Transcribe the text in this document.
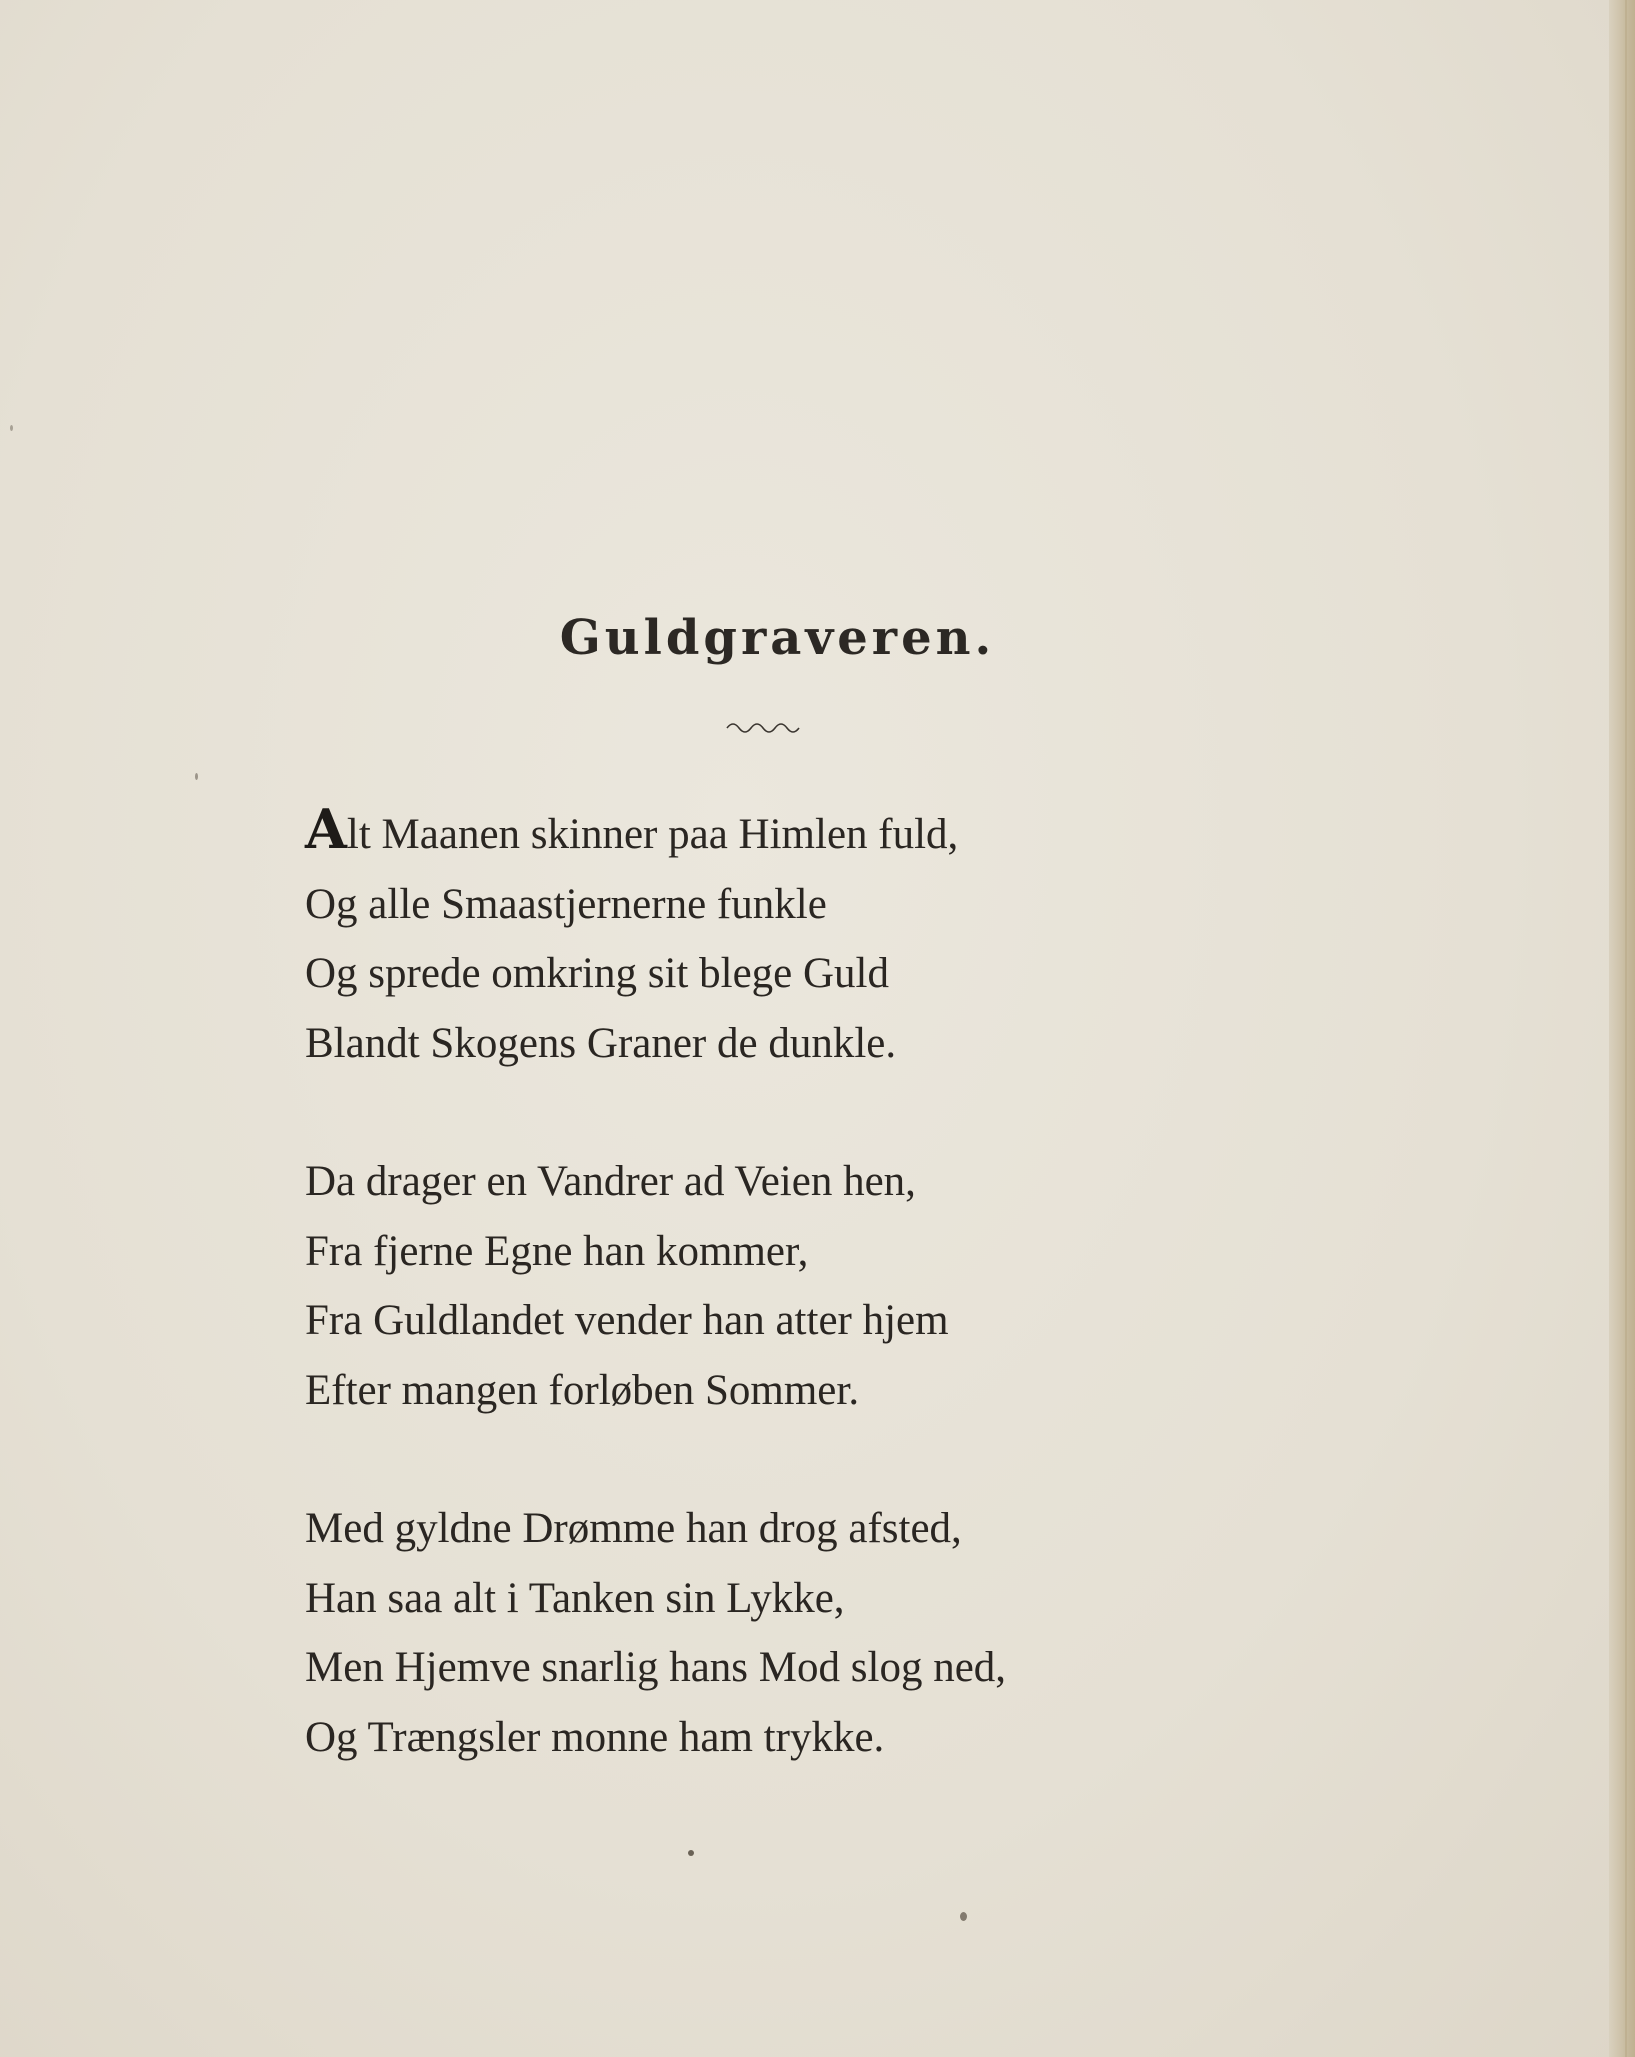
Guldgraveren.
Alt Maanen skinner paa Himlen fuld,
Og alle Smaastjernerne funkle
Og sprede omkring sit blege Guld
Blandt Skogens Graner de dunkle.
Da drager en Vandrer ad Veien hen,
Fra fjerne Egne han kommer,
Fra Guldlandet vender han atter hjem
Efter mangen forløben Sommer.
Med gyldne Drømme han drog afsted,
Han saa alt i Tanken sin Lykke,
Men Hjemve snarlig hans Mod slog ned,
Og Trængsler monne ham trykke.
